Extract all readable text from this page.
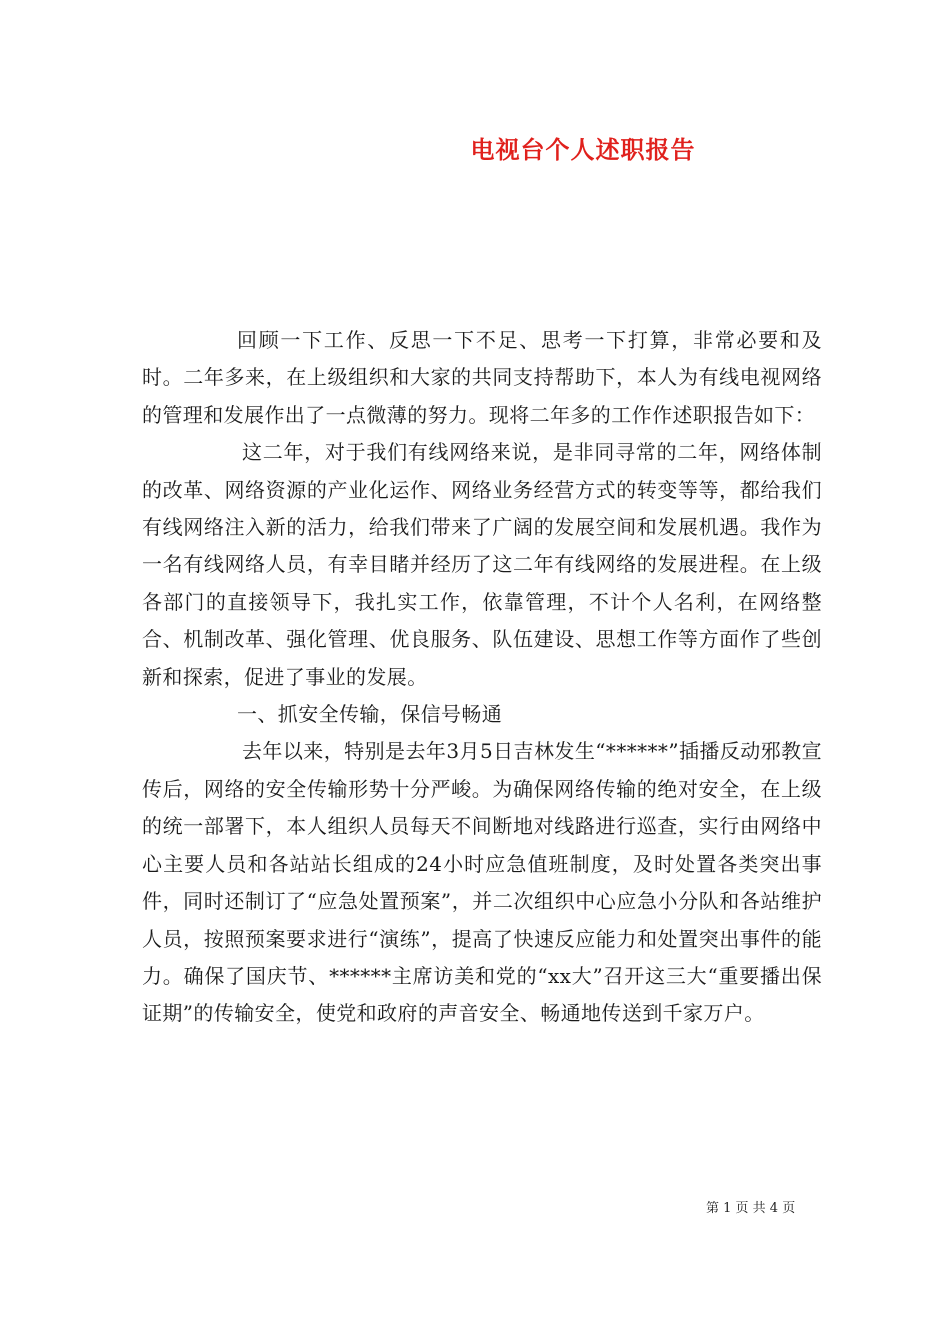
电视台个人述职报告

回顾一下工作、反思一下不足、思考一下打算，非常必要和及时。二年多来，在上级组织和大家的共同支持帮助下，本人为有线电视网络的管理和发展作出了一点微薄的努力。现将二年多的工作作述职报告如下：

这二年，对于我们有线网络来说，是非同寻常的二年，网络体制的改革、网络资源的产业化运作、网络业务经营方式的转变等等，都给我们有线网络注入新的活力，给我们带来了广阔的发展空间和发展机遇。我作为一名有线网络人员，有幸目睹并经历了这二年有线网络的发展进程。在上级各部门的直接领导下，我扎实工作，依靠管理，不计个人名利，在网络整合、机制改革、强化管理、优良服务、队伍建设、思想工作等方面作了些创新和探索，促进了事业的发展。

一、抓安全传输，保信号畅通

去年以来，特别是去年3月5日吉林发生“******”插播反动邪教宣传后，网络的安全传输形势十分严峻。为确保网络传输的绝对安全，在上级的统一部署下，本人组织人员每天不间断地对线路进行巡查，实行由网络中心主要人员和各站站长组成的24小时应急值班制度，及时处置各类突出事件，同时还制订了“应急处置预案”，并二次组织中心应急小分队和各站维护人员，按照预案要求进行“演练”，提高了快速反应能力和处置突出事件的能力。确保了国庆节、******主席访美和党的“xx大”召开这三大“重要播出保证期”的传输安全，使党和政府的声音安全、畅通地传送到千家万户。

第 1 页 共 4 页
